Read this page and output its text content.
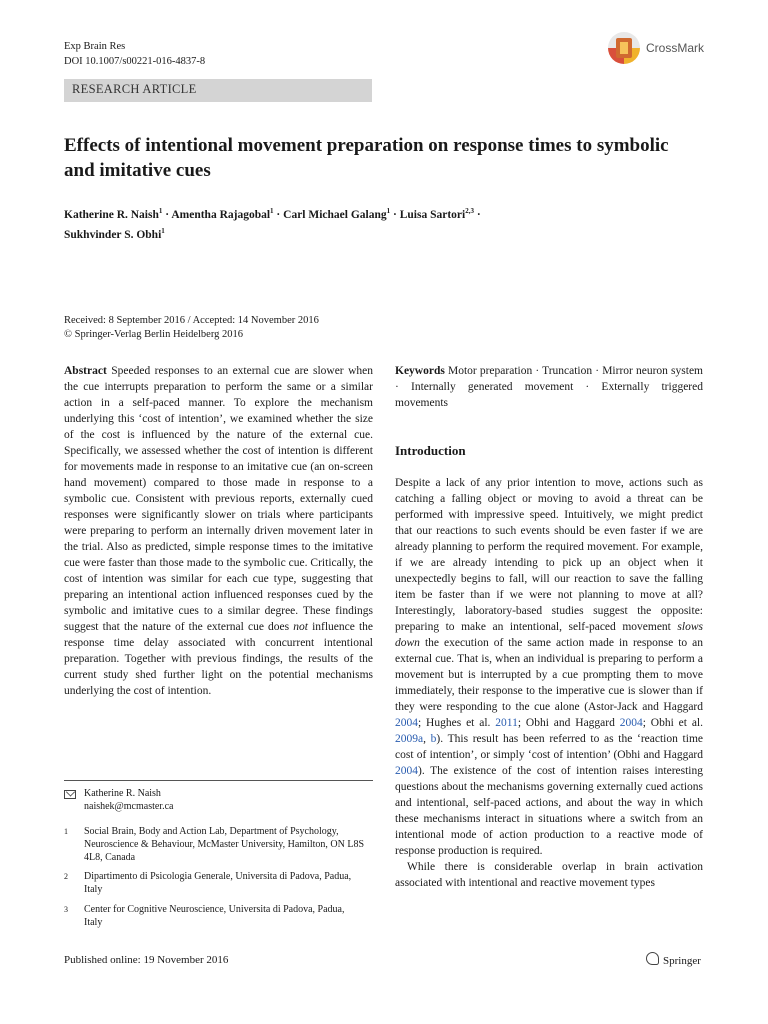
Exp Brain Res
DOI 10.1007/s00221-016-4837-8
RESEARCH ARTICLE
CrossMark
Effects of intentional movement preparation on response times to symbolic and imitative cues
Katherine R. Naish$^1$ · Amentha Rajagobal$^1$ · Carl Michael Galang$^1$ · Luisa Sartori$^{2,3}$ ·
Sukhvinder S. Obhi$^1$
Received: 8 September 2016 / Accepted: 14 November 2016
© Springer-Verlag Berlin Heidelberg 2016
Abstract Speeded responses to an external cue are slower when the cue interrupts preparation to perform the same or a similar action in a self-paced manner. To explore the mechanism underlying this ‘cost of intention’, we examined whether the size of the cost is influenced by the nature of the external cue. Specifically, we assessed whether the cost of intention is different for movements made in response to an imitative cue (an on-screen hand movement) compared to those made in response to a symbolic cue. Consistent with previous reports, externally cued responses were significantly slower on trials where participants were preparing to perform an internally driven movement later in the trial. Also as predicted, simple response times to the imitative cue were faster than those made to the symbolic cue. Critically, the cost of intention was similar for each cue type, suggesting that preparing an intentional action influenced responses cued by the symbolic and imitative cues to a similar degree. These findings suggest that the nature of the external cue does not influence the response time delay associated with concurrent intentional preparation. Together with previous findings, the results of the current study shed further light on the potential mechanisms underlying the cost of intention.
Keywords Motor preparation · Truncation · Mirror neuron system · Internally generated movement · Externally triggered movements
Introduction

Despite a lack of any prior intention to move, actions such as catching a falling object or moving to avoid a threat can be performed with impressive speed. Intuitively, we might predict that our reactions to such events should be even faster if we are already planning to perform the required movement. For example, if we are already intending to pick up an object when it unexpectedly begins to fall, will our reaction to save the falling item be faster than if we were not planning to move at all? Interestingly, laboratory-based studies suggest the opposite: preparing to make an intentional, self-paced movement slows down the execution of the same action made in response to an external cue. That is, when an individual is preparing to perform a movement but is interrupted by a cue prompting them to move immediately, their response to the imperative cue is slower than if they were responding to the cue alone (Astor-Jack and Haggard 2004; Hughes et al. 2011; Obhi and Haggard 2004; Obhi et al. 2009a, b). This result has been referred to as the ‘reaction time cost of intention’, or simply ‘cost of intention’ (Obhi and Haggard 2004). The existence of the cost of intention raises interesting questions about the mechanisms governing externally cued actions and intentional, self-paced actions, and about the way in which these mechanisms interact in situations where a switch from an intentional mode of action production to a reactive mode of response production is required.

While there is considerable overlap in brain activation associated with intentional and reactive movement types

Katherine R. Naish
naishek@mcmaster.ca
1 Social Brain, Body and Action Lab, Department of Psychology, Neuroscience & Behaviour, McMaster University, Hamilton, ON L8S 4L8, Canada
2 Dipartimento di Psicologia Generale, Universita di Padova, Padua, Italy
3 Center for Cognitive Neuroscience, Universita di Padova, Padua, Italy
Published online: 19 November 2016	Springer
